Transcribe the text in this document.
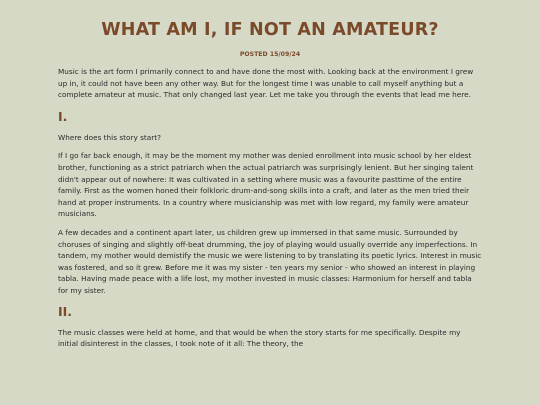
WHAT AM I, IF NOT AN AMATEUR?
POSTED 15/09/24

Music is the art form I primarily connect to and have done the most with. Looking back at the environment I grew up in, it could not have been any other way. But for the longest time I was unable to call myself anything but a complete amateur at music. That only changed last year. Let me take you through the events that lead me here.

I.

Where does this story start?

If I go far back enough, it may be the moment my mother was denied enrollment into music school by her eldest brother, functioning as a strict patriarch when the actual patriarch was surprisingly lenient. But her singing talent didn't appear out of nowhere: It was cultivated in a setting where music was a favourite pasttime of the entire family. First as the women honed their folkloric drum-and-song skills into a craft, and later as the men tried their hand at proper instruments. In a country where musicianship was met with low regard, my family were amateur musicians.

A few decades and a continent apart later, us children grew up immersed in that same music. Surrounded by choruses of singing and slightly off-beat drumming, the joy of playing would usually override any imperfections. In tandem, my mother would demistify the music we were listening to by translating its poetic lyrics. Interest in music was fostered, and so it grew. Before me it was my sister - ten years my senior - who showed an interest in playing tabla. Having made peace with a life lost, my mother invested in music classes: Harmonium for herself and tabla for my sister.

II.

The music classes were held at home, and that would be when the story starts for me specifically. Despite my initial disinterest in the classes, I took note of it all: The theory, the
